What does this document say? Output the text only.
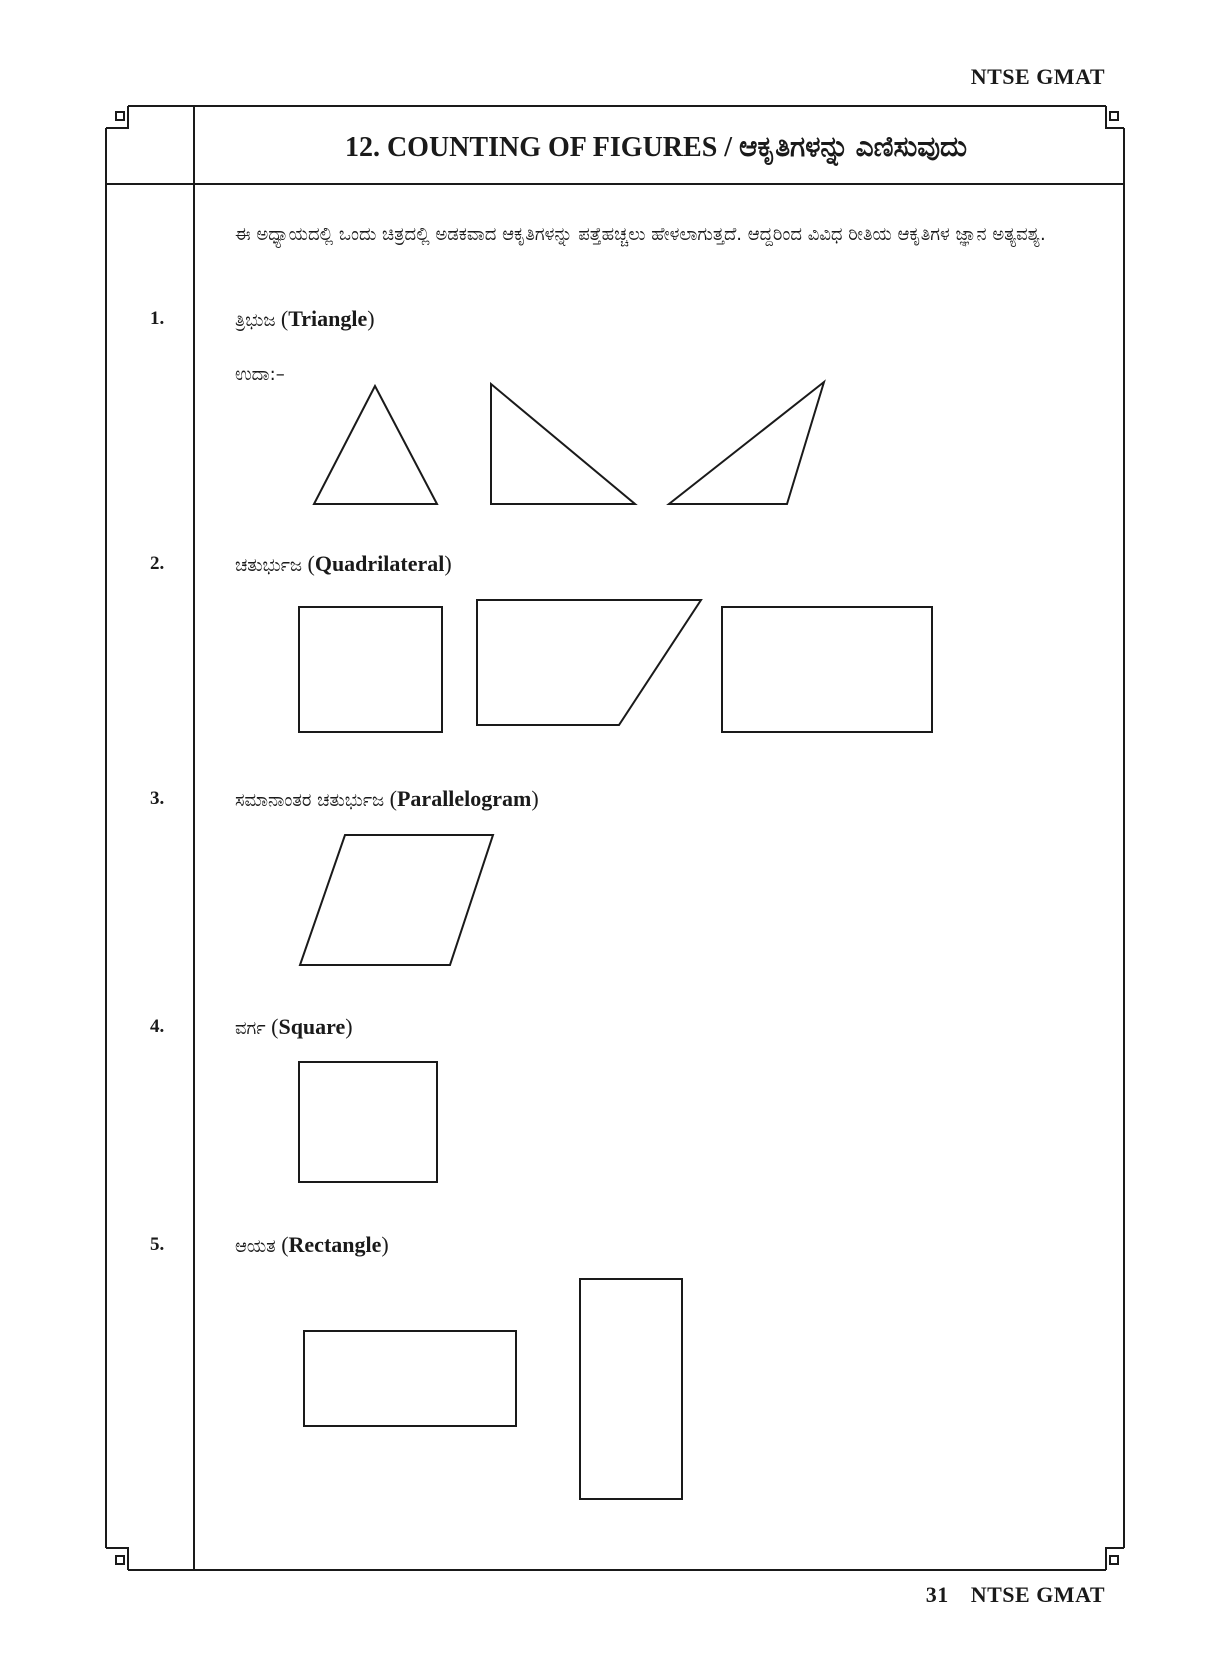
NTSE GMAT
12. COUNTING OF FIGURES / ಆಕೃತಿಗಳನ್ನು ಎಣಿಸುವುದು
ಈ ಅಧ್ಯಾಯದಲ್ಲಿ ಒಂದು ಚಿತ್ರದಲ್ಲಿ ಅಡಕವಾದ ಆಕೃತಿಗಳನ್ನು ಪತ್ತೆಹಚ್ಚಲು ಹೇಳಲಾಗುತ್ತದೆ. ಆದ್ದರಿಂದ ವಿವಿಧ ರೀತಿಯ ಆಕೃತಿಗಳ ಜ್ಞಾನ ಅತ್ಯವಶ್ಯ.
1.	ತ್ರಿಭುಜ (Triangle)
ಉದಾ:–
2.	ಚತುರ್ಭುಜ (Quadrilateral)
3.	ಸಮಾನಾಂತರ ಚತುರ್ಭುಜ (Parallelogram)
4.	ವರ್ಗ (Square)
5.	ಆಯತ (Rectangle)
31 NTSE GMAT
